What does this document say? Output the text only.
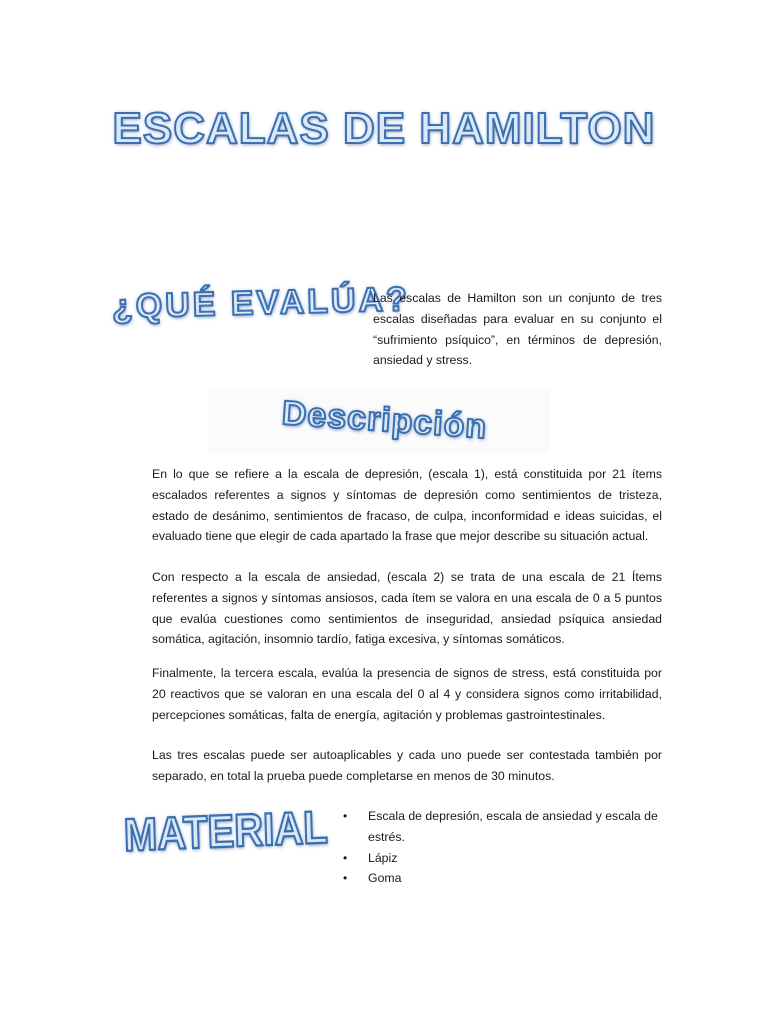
ESCALAS DE HAMILTON
¿QUÉ EVALÚA?

Las escalas de Hamilton son un conjunto de tres escalas diseñadas para evaluar en su conjunto el “sufrimiento psíquico”, en términos de depresión, ansiedad y stress.

Descripción

En lo que se refiere a la escala de depresión, (escala 1), está constituida por 21 ítems escalados referentes a signos y síntomas de depresión como sentimientos de tristeza, estado de desánimo, sentimientos de fracaso, de culpa, inconformidad e ideas suicidas, el evaluado tiene que elegir de cada apartado la frase que mejor describe su situación actual.

Con respecto a la escala de ansiedad, (escala 2) se trata de una escala de 21 Ítems referentes a signos y síntomas ansiosos, cada ítem se valora en una escala de 0 a 5 puntos que evalúa cuestiones como sentimientos de inseguridad, ansiedad psíquica ansiedad somática, agitación, insomnio tardío, fatiga excesiva, y síntomas somáticos.

Finalmente, la tercera escala, evalúa la presencia de signos de stress, está constituida por 20 reactivos que se valoran en una escala del 0 al 4 y considera signos como irritabilidad, percepciones somáticas, falta de energía, agitación y problemas gastrointestinales.

Las tres escalas puede ser autoaplicables y cada uno puede ser contestada también por separado, en total la prueba puede completarse en menos de 30 minutos.

MATERIAL • Escala de depresión, escala de ansiedad y escala de estrés.
• Lápiz
• Goma
